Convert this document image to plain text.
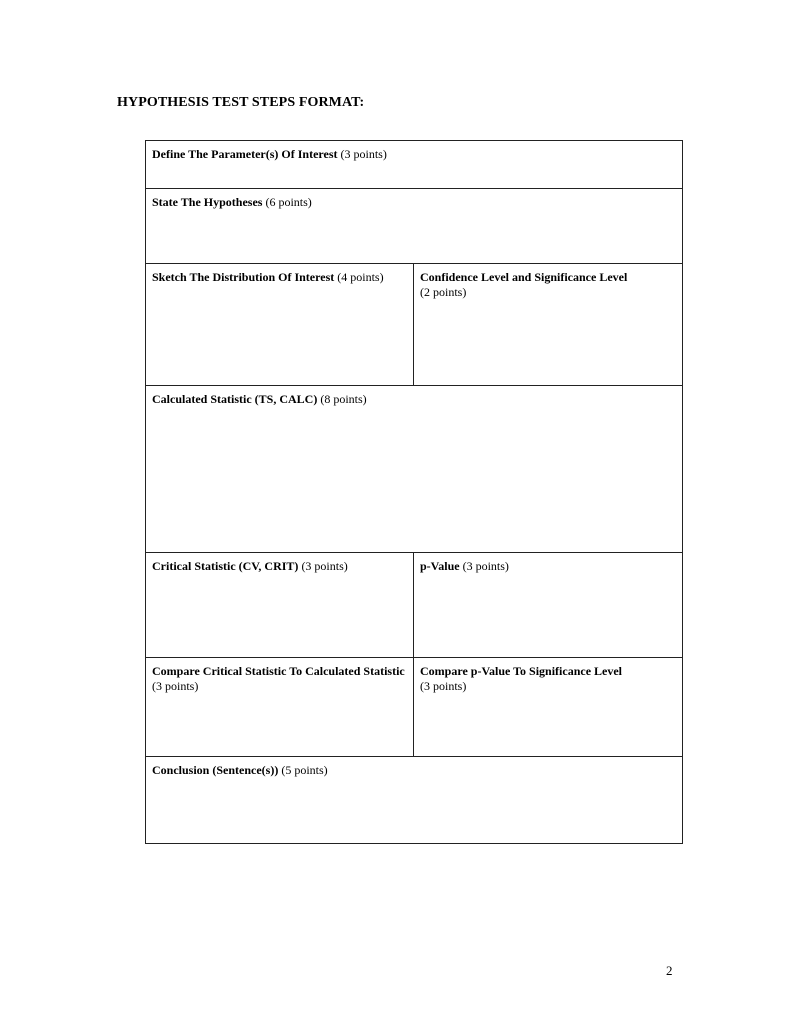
HYPOTHESIS TEST STEPS FORMAT:
Define The Parameter(s) Of Interest (3 points)	
State The Hypotheses (6 points)	
Sketch The Distribution Of Interest (4 points)	Confidence Level and Significance Level
(2 points)
Calculated Statistic (TS, CALC) (8 points)	
Critical Statistic (CV, CRIT) (3 points)	p-Value (3 points)
Compare Critical Statistic To Calculated Statistic (3 points)	Compare p-Value To Significance Level
(3 points)
Conclusion (Sentence(s)) (5 points)	
2
